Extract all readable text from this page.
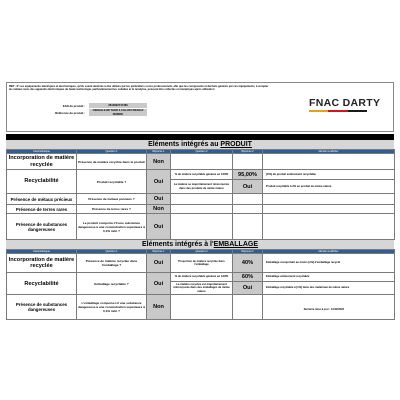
REP - E' Les équipements électriques et électroniques, qu'ils soient destinés à être utilisés par les particuliers ou les professionnels, afin que les composants et déchets générés par ces équipements, à compter les métaux rares des appareils électroniques de haute technologie, particulièrement les cobaltes et le néodyme, puissent être collectés et réemployés après utilisation
EAN du produit :	3610893747480
Référence du produit :	OEKEHLKHR THOR 3 COLOR FRENCH/ NORDIC
FNAC DARTY
Eléments intégrés au PRODUIT
Caractéristique	Question 1	Réponse 1	Question 2	Réponse 2	Mention à afficher
Incorporation de matière recyclée	Présence de matière recyclée dans le produit	Non			
Recyclabilité	Produit recyclable ?	Oui	% de matière recyclable générée en ACPE	95,00%	[X%] du produit entièrement recyclable
			La matière se majoritairement réincorporée dans des produits de même nature	Oui	Produit recyclable à 2% en produit de même nature
Présence de métaux précieux	Présence de métaux précieux ?	Oui			
Présence de terres rares	Présence de terres rares ?	Non			
Présence de substances dangereuses	Le produit comporte-t'il une substance dangereuse à une concentration supérieure à 0,1% m/m ?	Oui			
Eléments intégrés à l'EMBALLAGE
Caractéristique	Question 1	Réponse 1	Question 2	Réponse 2	Mention à afficher
Incorporation de matière recyclée	Présence de matière recyclée dans l'emballage ?	Oui	Proportion de matière recyclée dans l'emballage	40%	Emballage comportant au moins [x%] d'emballage recyclé
Recyclabilité	Emballage recyclable ?	Oui	% de matière recyclable générée en ACPE	60%	Emballage entièrement recyclable
			La matière recyclée est majoritairement réincorporée dans des emballages de même nature	Oui	Emballage recyclable à [x%] dans des matériaux de même nature
Présence de substances dangereuses	L'emballage comporte-t-il une substance dangereuse à une concentration supérieure à 0,1% m/m ?	Non				Dernière mise à jour : 10/12/2023
